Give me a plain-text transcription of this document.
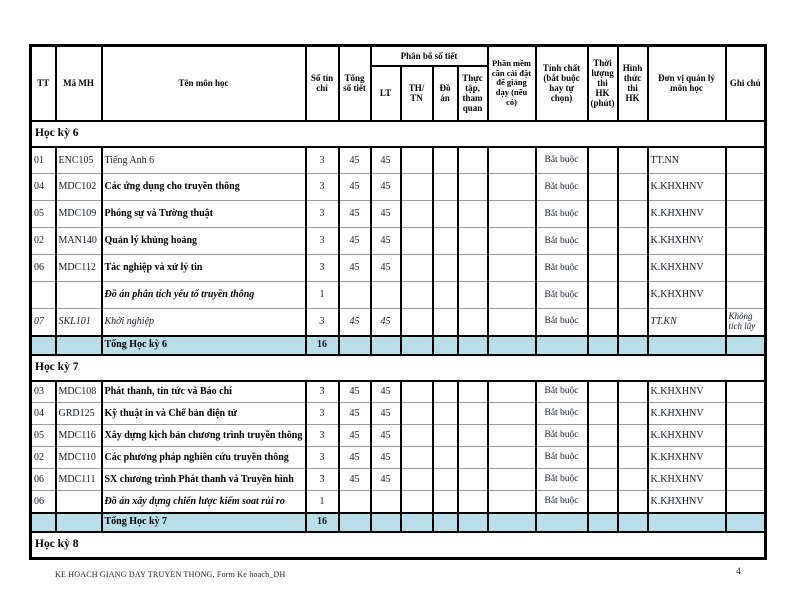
TT	Mã MH	Tên môn học	Số tín chỉ	Tổng số tiết	Phân bổ số tiết				Phần mềm cần cài đặt để giảng dạy (nếu có)	Tính chất (bắt buộc hay tự chọn)	Thời lượng thi HK (phút)	Hình thức thi HK	Đơn vị quản lý môn học	Ghi chú
					LT	TH/ TN	Đồ án	Thực tập, tham quan						
Học kỳ 6														
01	ENC105	Tiếng Anh 6	3	45	45					Bắt buộc			TT.NN	
04	MDC102	Các ứng dụng cho truyền thông	3	45	45					Bắt buộc			K.KHXHNV	
05	MDC109	Phóng sự và Tường thuật	3	45	45					Bắt buộc			K.KHXHNV	
02	MAN140	Quản lý khủng hoảng	3	45	45					Bắt buộc			K.KHXHNV	
06	MDC112	Tác nghiệp và xử lý tin	3	45	45					Bắt buộc			K.KHXHNV	
		Đồ án phân tích yếu tố truyền thông	1							Bắt buộc			K.KHXHNV	
07	SKL101	Khởi nghiệp	3	45	45					Bắt buộc			TT.KN	Không tích lũy
		Tổng Học kỳ 6	16											
Học kỳ 7														
03	MDC108	Phát thanh, tin tức và Báo chí	3	45	45					Bắt buộc			K.KHXHNV	
04	GRD125	Kỹ thuật in và Chế bản điện tử	3	45	45					Bắt buộc			K.KHXHNV	
05	MDC116	Xây dựng kịch bản chương trình truyền thông	3	45	45					Bắt buộc			K.KHXHNV	
02	MDC110	Các phương pháp nghiên cứu truyền thông	3	45	45					Bắt buộc			K.KHXHNV	
06	MDC111	SX chương trình Phát thanh và Truyền hình	3	45	45					Bắt buộc			K.KHXHNV	
06		Đồ án xây dựng chiến lược kiểm soat rủi ro	1							Bắt buộc			K.KHXHNV	
		Tổng Học kỳ 7	16											
Học kỳ 8														
KE HOACH GIANG DAY TRUYEN THONG, Form Ke hoach_DH	4
